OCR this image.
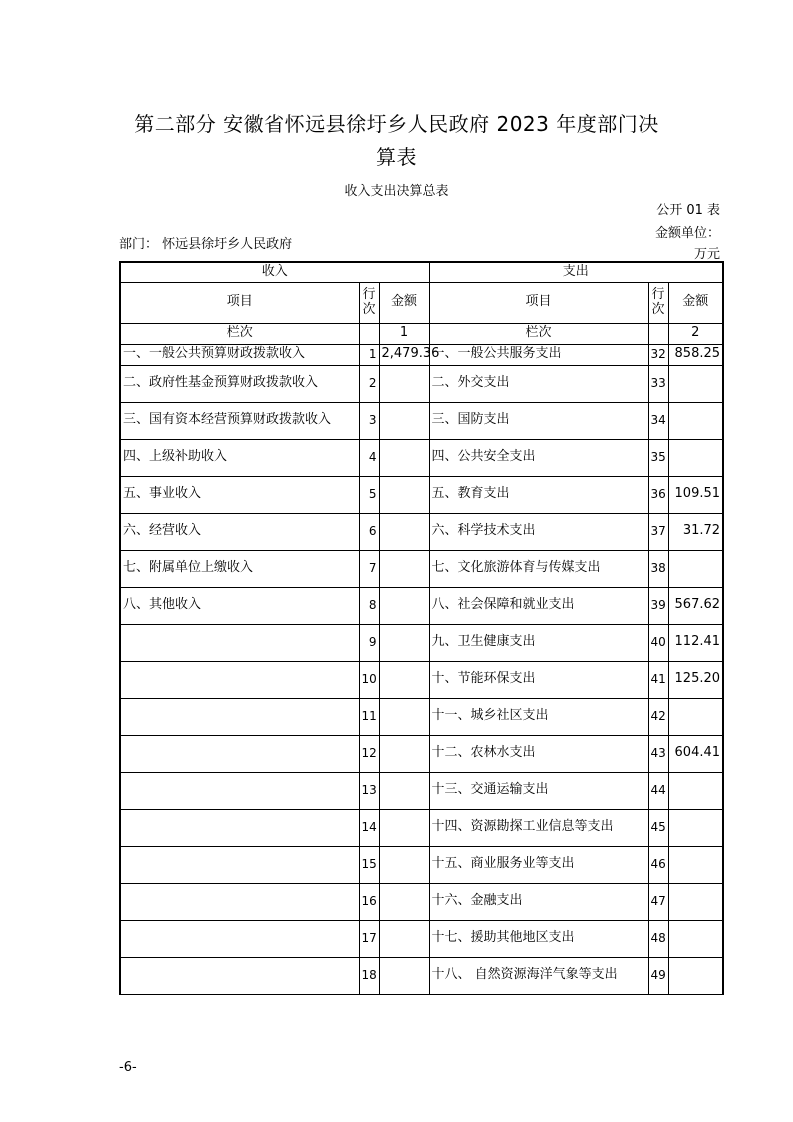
第二部分 安徽省怀远县徐圩乡人民政府 2023 年度部门决
算表
收入支出决算总表
公开 01 表
金额单位：
万元
部门： 怀远县徐圩乡人民政府
收入			支出		
项目	行次	金额	项目	行次	金额
栏次		1	栏次		2
一、一般公共预算财政拨款收入	1	2,479.36	一、一般公共服务支出	32	858.25
二、政府性基金预算财政拨款收入	2		二、外交支出	33	
三、国有资本经营预算财政拨款收入	3		三、国防支出	34	
四、上级补助收入	4		四、公共安全支出	35	
五、事业收入	5		五、教育支出	36	109.51
六、经营收入	6		六、科学技术支出	37	31.72
七、附属单位上缴收入	7		七、文化旅游体育与传媒支出	38	
八、其他收入	8		八、社会保障和就业支出	39	567.62
	9		九、卫生健康支出	40	112.41
	10		十、节能环保支出	41	125.20
	11		十一、城乡社区支出	42	
	12		十二、农林水支出	43	604.41
	13		十三、交通运输支出	44	
	14		十四、资源勘探工业信息等支出	45	
	15		十五、商业服务业等支出	46	
	16		十六、金融支出	47	
	17		十七、援助其他地区支出	48	
	18		十八、 自然资源海洋气象等支出	49	
-6-
